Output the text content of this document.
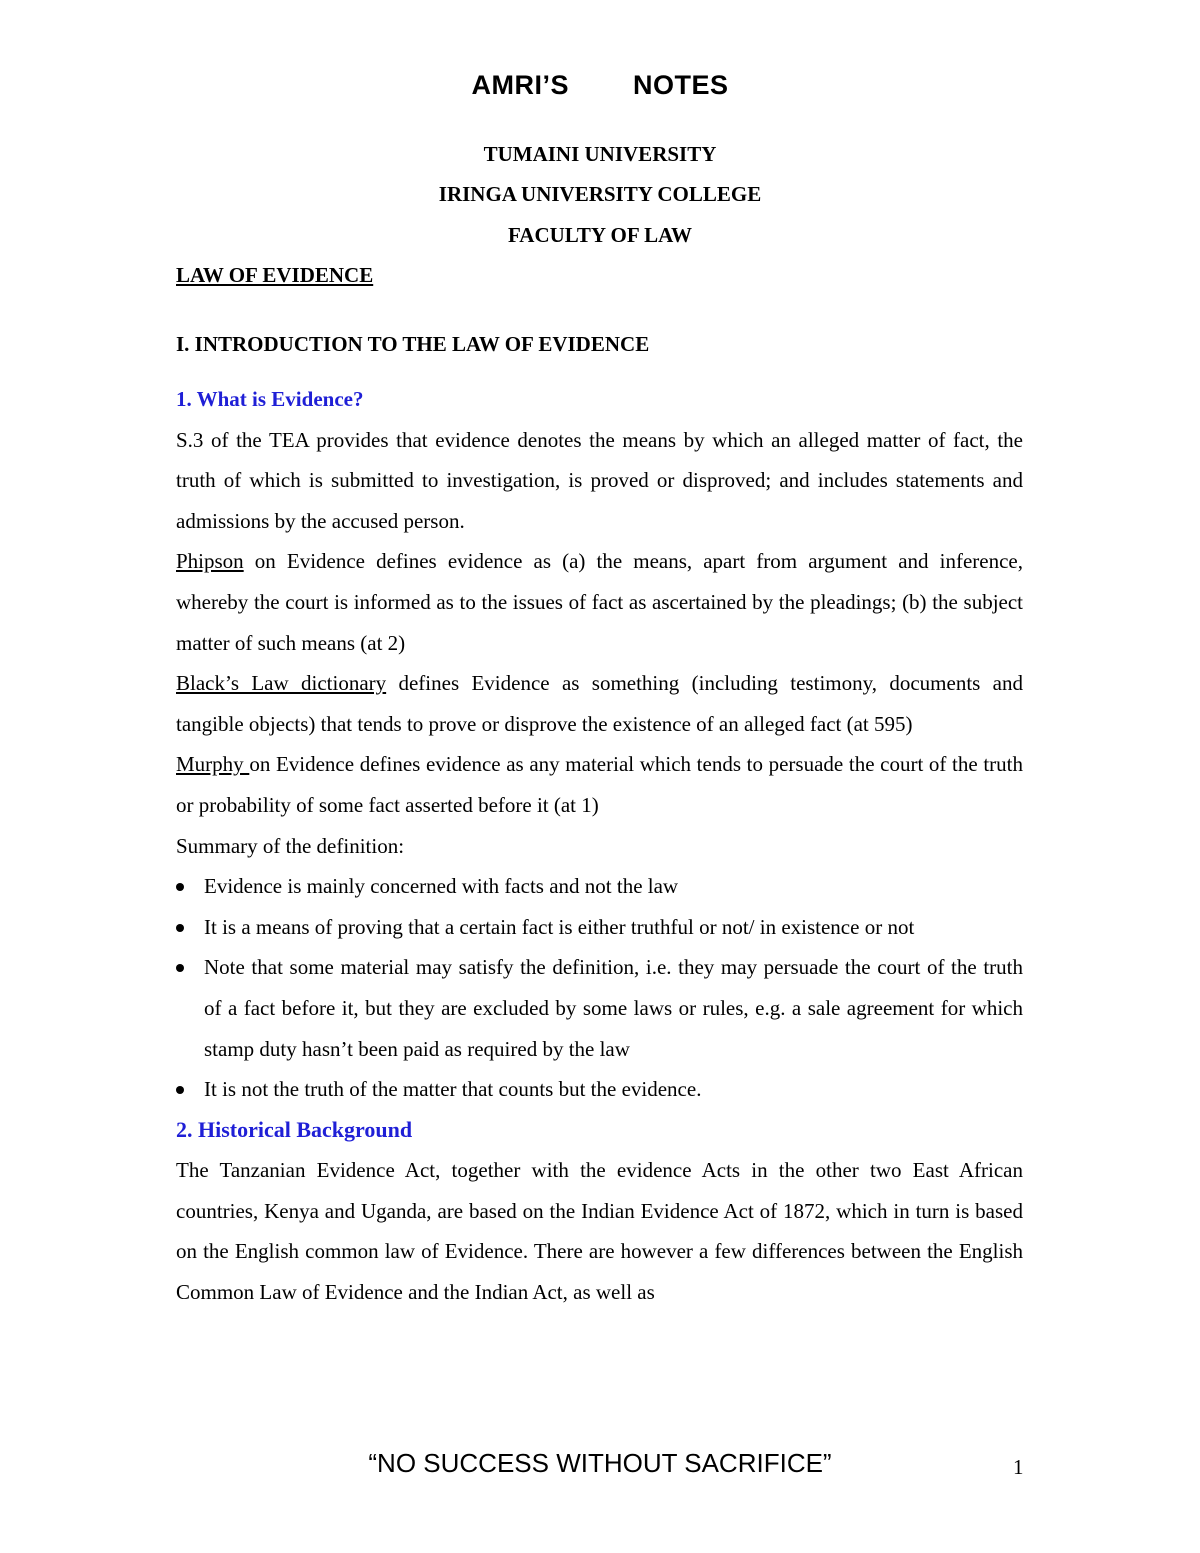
AMRI’S NOTES
TUMAINI UNIVERSITY
IRINGA UNIVERSITY COLLEGE
FACULTY OF LAW
LAW OF EVIDENCE
I. INTRODUCTION TO THE LAW OF EVIDENCE

1. What is Evidence?

S.3 of the TEA provides that evidence denotes the means by which an alleged matter of fact, the truth of which is submitted to investigation, is proved or disproved; and includes statements and admissions by the accused person.

Phipson on Evidence defines evidence as (a) the means, apart from argument and inference, whereby the court is informed as to the issues of fact as ascertained by the pleadings; (b) the subject matter of such means (at 2)

Black’s Law dictionary defines Evidence as something (including testimony, documents and tangible objects) that tends to prove or disprove the existence of an alleged fact (at 595)

Murphy on Evidence defines evidence as any material which tends to persuade the court of the truth or probability of some fact asserted before it (at 1)

Summary of the definition:

Evidence is mainly concerned with facts and not the law
It is a means of proving that a certain fact is either truthful or not/ in existence or not
Note that some material may satisfy the definition, i.e. they may persuade the court of the truth of a fact before it, but they are excluded by some laws or rules, e.g. a sale agreement for which stamp duty hasn’t been paid as required by the law
It is not the truth of the matter that counts but the evidence.

2. Historical Background

The Tanzanian Evidence Act, together with the evidence Acts in the other two East African countries, Kenya and Uganda, are based on the Indian Evidence Act of 1872, which in turn is based on the English common law of Evidence. There are however a few differences between the English Common Law of Evidence and the Indian Act, as well as

“NO SUCCESS WITHOUT SACRIFICE”	1
